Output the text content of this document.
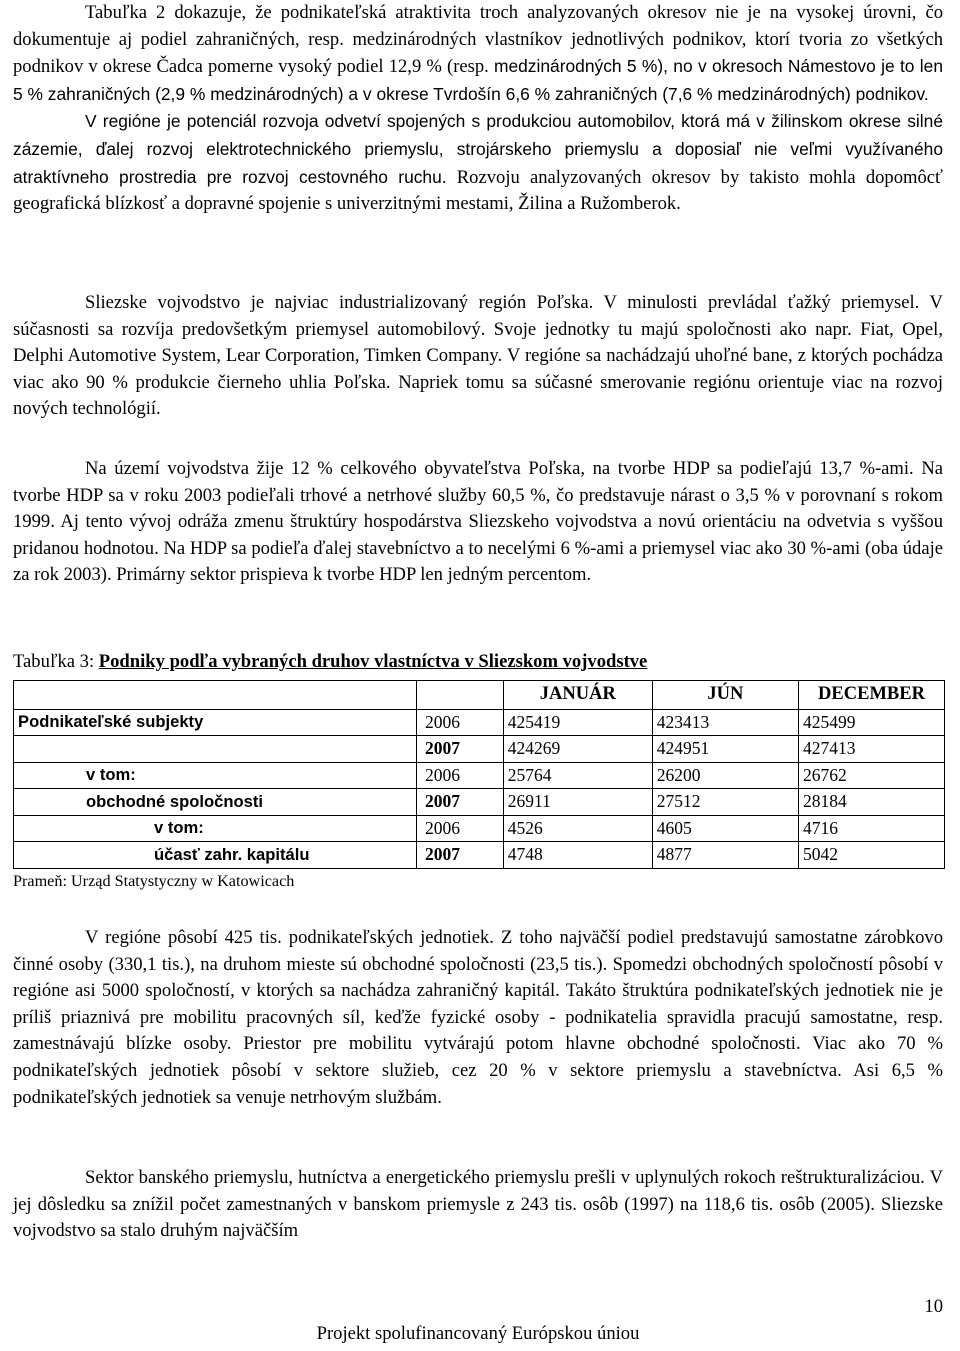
Tabuľka 2 dokazuje, že podnikateľská atraktivita troch analyzovaných okresov nie je na vysokej úrovni, čo dokumentuje aj podiel zahraničných, resp. medzinárodných vlastníkov jednotlivých podnikov, ktorí tvoria zo všetkých podnikov v okrese Čadca pomerne vysoký podiel 12,9 % (resp. medzinárodných 5 %), no v okresoch Námestovo je to len 5 % zahraničných (2,9 % medzinárodných) a v okrese Tvrdošín 6,6 % zahraničných (7,6 % medzinárodných) podnikov.
V regióne je potenciál rozvoja odvetví spojených s produkciou automobilov, ktorá má v žilinskom okrese silné zázemie, ďalej rozvoj elektrotechnického priemyslu, strojárskeho priemyslu a doposiaľ nie veľmi využívaného atraktívneho prostredia pre rozvoj cestovného ruchu. Rozvoju analyzovaných okresov by takisto mohla dopomôcť geografická blízkosť a dopravné spojenie s univerzitnými mestami, Žilina a Ružomberok.

Sliezske vojvodstvo je najviac industrializovaný región Poľska. V minulosti prevládal ťažký priemysel. V súčasnosti sa rozvíja predovšetkým priemysel automobilový. Svoje jednotky tu majú spoločnosti ako napr. Fiat, Opel, Delphi Automotive System, Lear Corporation, Timken Company. V regióne sa nachádzajú uhoľné bane, z ktorých pochádza viac ako 90 % produkcie čierneho uhlia Poľska. Napriek tomu sa súčasné smerovanie regiónu orientuje viac na rozvoj nových technológií.

Na území vojvodstva žije 12 % celkového obyvateľstva Poľska, na tvorbe HDP sa podieľajú 13,7 %-ami. Na tvorbe HDP sa v roku 2003 podieľali trhové a netrhové služby 60,5 %, čo predstavuje nárast o 3,5 % v porovnaní s rokom 1999. Aj tento vývoj odráža zmenu štruktúry hospodárstva Sliezskeho vojvodstva a novú orientáciu na odvetvia s vyššou pridanou hodnotou. Na HDP sa podieľa ďalej stavebníctvo a to necelými 6 %-ami a priemysel viac ako 30 %-ami (oba údaje za rok 2003). Primárny sektor prispieva k tvorbe HDP len jedným percentom.

Tabuľka 3: Podniky podľa vybraných druhov vlastníctva v Sliezskom vojvodstve
		JANUÁR	JÚN	DECEMBER
Podnikateľské subjekty	2006	425419	423413	425499
	2007	424269	424951	427413
v tom:	2006	25764	26200	26762
obchodné spoločnosti	2007	26911	27512	28184
v tom:	2006	4526	4605	4716
účasť zahr. kapitálu	2007	4748	4877	5042
Prameň: Urząd Statystyczny w Katowicach

V regióne pôsobí 425 tis. podnikateľských jednotiek. Z toho najväčší podiel predstavujú samostatne zárobkovo činné osoby (330,1 tis.), na druhom mieste sú obchodné spoločnosti (23,5 tis.). Spomedzi obchodných spoločností pôsobí v regióne asi 5000 spoločností, v ktorých sa nachádza zahraničný kapitál. Takáto štruktúra podnikateľských jednotiek nie je príliš priaznivá pre mobilitu pracovných síl, keďže fyzické osoby - podnikatelia spravidla pracujú samostatne, resp. zamestnávajú blízke osoby. Priestor pre mobilitu vytvárajú potom hlavne obchodné spoločnosti. Viac ako 70 % podnikateľských jednotiek pôsobí v sektore služieb, cez 20 % v sektore priemyslu a stavebníctva. Asi 6,5 % podnikateľských jednotiek sa venuje netrhovým službám.

Sektor banského priemyslu, hutníctva a energetického priemyslu prešli v uplynulých rokoch reštrukturalizáciou. V jej dôsledku sa znížil počet zamestnaných v banskom priemysle z 243 tis. osôb (1997) na 118,6 tis. osôb (2005). Sliezske vojvodstvo sa stalo druhým najväčším

10
Projekt spolufinancovaný Európskou úniou
